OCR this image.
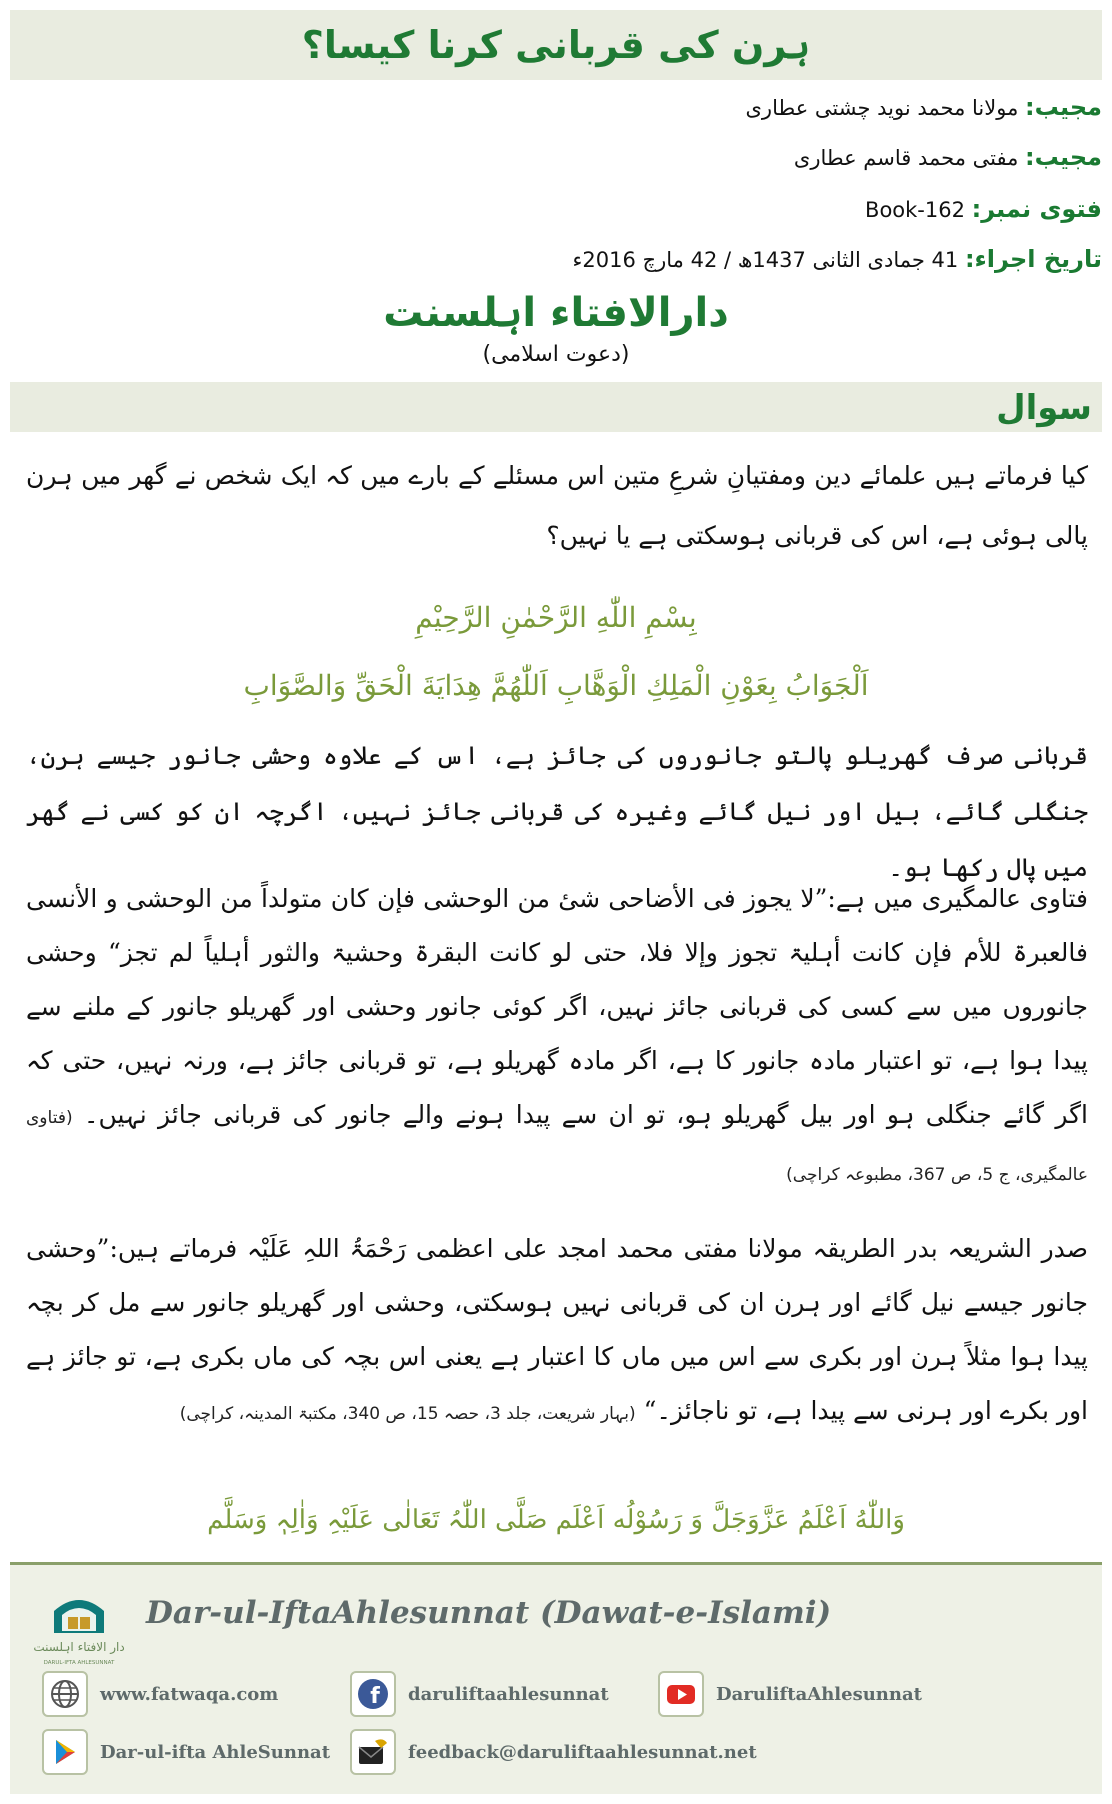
ہرن کی قربانی کرنا کیسا؟
مجیب: مولانا محمد نوید چشتی عطاری
مجیب: مفتی محمد قاسم عطاری
فتوی نمبر: Book-162
تاریخ اجراء: 41 جمادی الثانی 1437ھ / 42 مارچ 2016ء
دارالافتاء اہلسنت
(دعوت اسلامی)
سوال

کیا فرماتے ہیں علمائے دین ومفتیانِ شرعِ متین اس مسئلے کے بارے میں کہ ایک شخص نے گھر میں ہرن پالی ہوئی ہے، اس کی قربانی ہوسکتی ہے یا نہیں؟

بِسْمِ اللّٰهِ الرَّحْمٰنِ الرَّحِيْمِ
اَلْجَوَابُ بِعَوْنِ الْمَلِكِ الْوَهَّابِ اَللّٰهُمَّ هِدَايَةَ الْحَقِّ وَالصَّوَابِ

قربانی صرف گھریلو پالتو جانوروں کی جائز ہے، اس کے علاوہ وحشی جانور جیسے ہرن، جنگلی گائے، بیل اور نیل گائے وغیرہ کی قربانی جائز نہیں، اگرچہ ان کو کسی نے گھر میں پال رکھا ہو۔

فتاوی عالمگیری میں ہے:”لا یجوز فی الأضاحی شیٔ من الوحشی فإن کان متولداً من الوحشی و الأنسی فالعبرۃ للأم فإن کانت أہلیۃ تجوز وإلا فلا، حتی لو کانت البقرۃ وحشیۃ والثور أہلیاً لم تجز“ وحشی جانوروں میں سے کسی کی قربانی جائز نہیں، اگر کوئی جانور وحشی اور گھریلو جانور کے ملنے سے پیدا ہوا ہے، تو اعتبار مادہ جانور کا ہے، اگر مادہ گھریلو ہے، تو قربانی جائز ہے، ورنہ نہیں، حتی کہ اگر گائے جنگلی ہو اور بیل گھریلو ہو، تو ان سے پیدا ہونے والے جانور کی قربانی جائز نہیں۔ (فتاوی عالمگیری، ج 5، ص 367، مطبوعہ کراچی)

صدر الشریعہ بدر الطریقہ مولانا مفتی محمد امجد علی اعظمی رَحْمَۃُ اللہِ عَلَیْہ فرماتے ہیں:”وحشی جانور جیسے نیل گائے اور ہرن ان کی قربانی نہیں ہوسکتی، وحشی اور گھریلو جانور سے مل کر بچہ پیدا ہوا مثلاً ہرن اور بکری سے اس میں ماں کا اعتبار ہے یعنی اس بچہ کی ماں بکری ہے، تو جائز ہے اور بکرے اور ہرنی سے پیدا ہے، تو ناجائز۔“ (بہار شریعت، جلد 3، حصہ 15، ص 340، مکتبۃ المدینہ، کراچی)

وَاللّٰهُ اَعْلَمُ عَزَّوَجَلَّ وَ رَسُوْلُه اَعْلَم صَلَّی اللّٰہُ تَعَالٰی عَلَیْہِ وَاٰلِہٖ وَسَلَّم
دار الافتاء اہلسنت
DARUL-IFTA AHLESUNNAT
Dar-ul-IftaAhlesunnat (Dawat-e-Islami)
www.fatwaqa.com	f daruliftaahlesunnat	DaruliftaAhlesunnat
Dar-ul-ifta AhleSunnat	feedback@daruliftaahlesunnat.net
